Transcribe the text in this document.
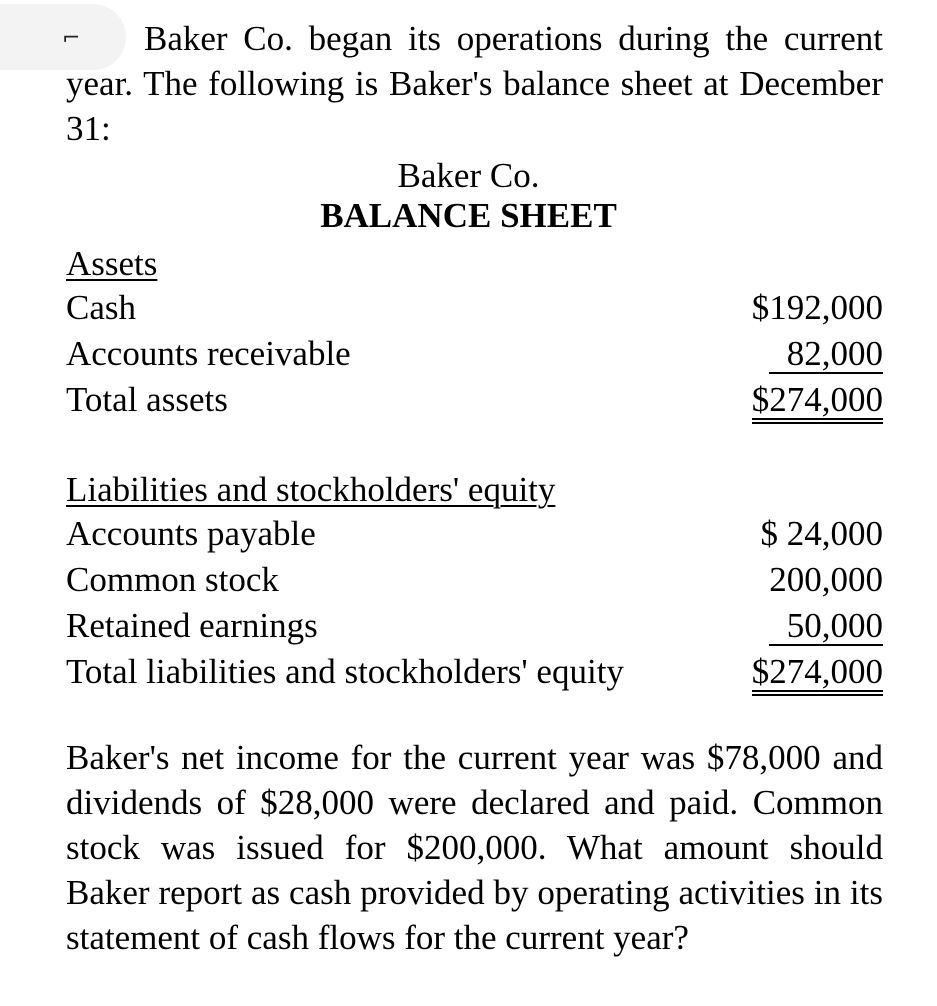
⌐	Baker Co. began its operations during the current year. The following is Baker's balance sheet at December 31:
Baker Co.
BALANCE SHEET
Assets
Cash	$192,000
Accounts receivable	82,000
Total assets	$274,000
Liabilities and stockholders' equity
Accounts payable	$ 24,000
Common stock	200,000
Retained earnings	50,000
Total liabilities and stockholders' equity	$274,000
Baker's net income for the current year was $78,000 and dividends of $28,000 were declared and paid. Common stock was issued for $200,000. What amount should Baker report as cash provided by operating activities in its statement of cash flows for the current year?
